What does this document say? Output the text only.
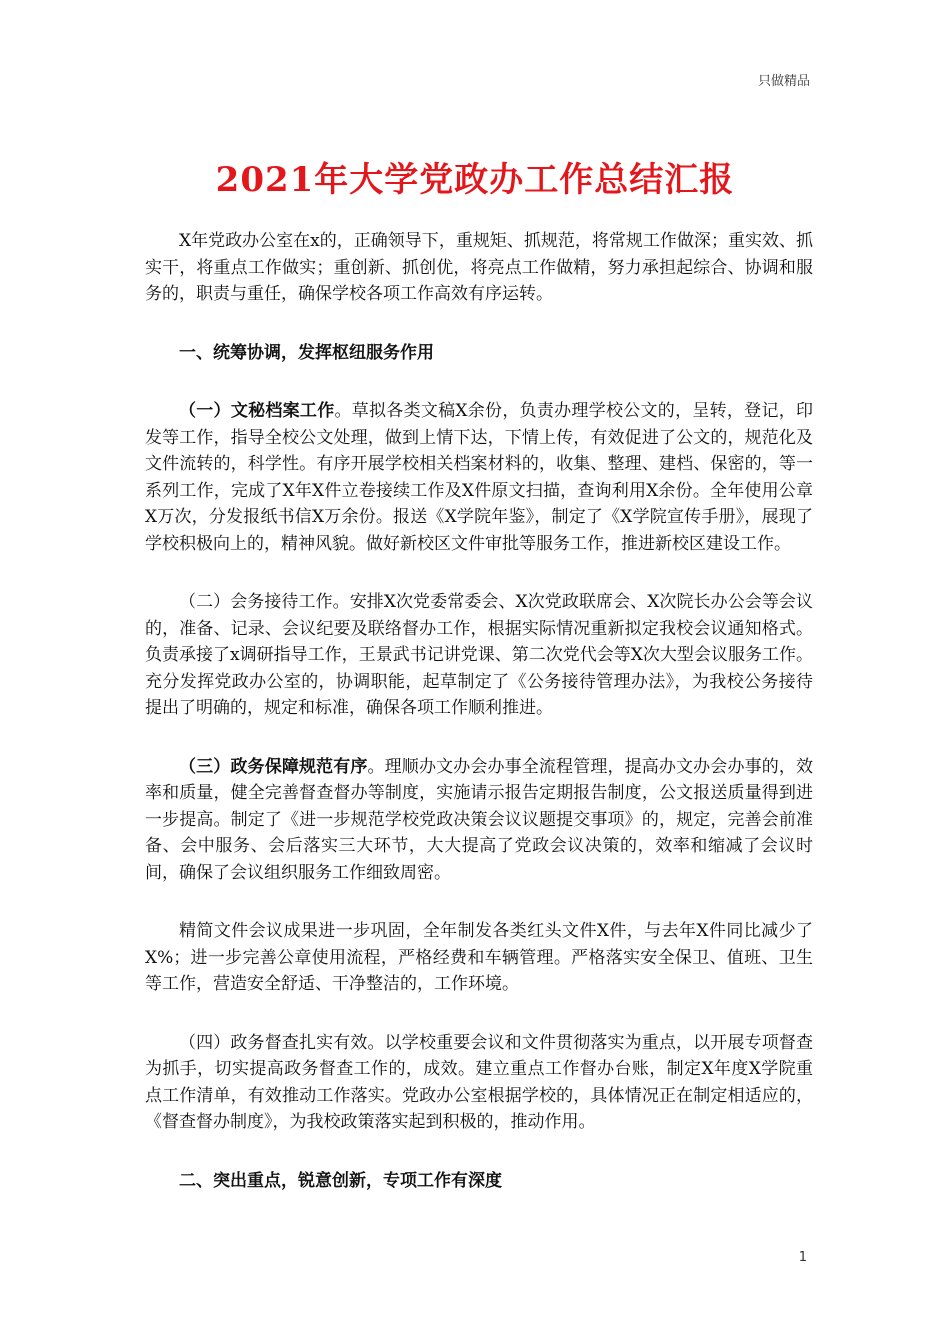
只做精品
2021年大学党政办工作总结汇报

X年党政办公室在x的，正确领导下，重规矩、抓规范，将常规工作做深；重实效、抓实干，将重点工作做实；重创新、抓创优，将亮点工作做精，努力承担起综合、协调和服务的，职责与重任，确保学校各项工作高效有序运转。

一、统筹协调，发挥枢纽服务作用

（一）文秘档案工作。草拟各类文稿X余份，负责办理学校公文的，呈转，登记，印发等工作，指导全校公文处理，做到上情下达，下情上传，有效促进了公文的，规范化及文件流转的，科学性。有序开展学校相关档案材料的，收集、整理、建档、保密的，等一系列工作，完成了X年X件立卷接续工作及X件原文扫描，查询利用X余份。全年使用公章X万次，分发报纸书信X万余份。报送《X学院年鉴》，制定了《X学院宣传手册》，展现了学校积极向上的，精神风貌。做好新校区文件审批等服务工作，推进新校区建设工作。

（二）会务接待工作。安排X次党委常委会、X次党政联席会、X次院长办公会等会议的，准备、记录、会议纪要及联络督办工作，根据实际情况重新拟定我校会议通知格式。负责承接了x调研指导工作，王景武书记讲党课、第二次党代会等X次大型会议服务工作。充分发挥党政办公室的，协调职能，起草制定了《公务接待管理办法》，为我校公务接待提出了明确的，规定和标准，确保各项工作顺利推进。

（三）政务保障规范有序。理顺办文办会办事全流程管理，提高办文办会办事的，效率和质量，健全完善督查督办等制度，实施请示报告定期报告制度，公文报送质量得到进一步提高。制定了《进一步规范学校党政决策会议议题提交事项》的，规定，完善会前准备、会中服务、会后落实三大环节，大大提高了党政会议决策的，效率和缩减了会议时间，确保了会议组织服务工作细致周密。

精简文件会议成果进一步巩固，全年制发各类红头文件X件，与去年X件同比减少了X%；进一步完善公章使用流程，严格经费和车辆管理。严格落实安全保卫、值班、卫生等工作，营造安全舒适、干净整洁的，工作环境。

（四）政务督查扎实有效。以学校重要会议和文件贯彻落实为重点，以开展专项督查为抓手，切实提高政务督查工作的，成效。建立重点工作督办台账，制定X年度X学院重点工作清单，有效推动工作落实。党政办公室根据学校的，具体情况正在制定相适应的，《督查督办制度》，为我校政策落实起到积极的，推动作用。

二、突出重点，锐意创新，专项工作有深度
1
